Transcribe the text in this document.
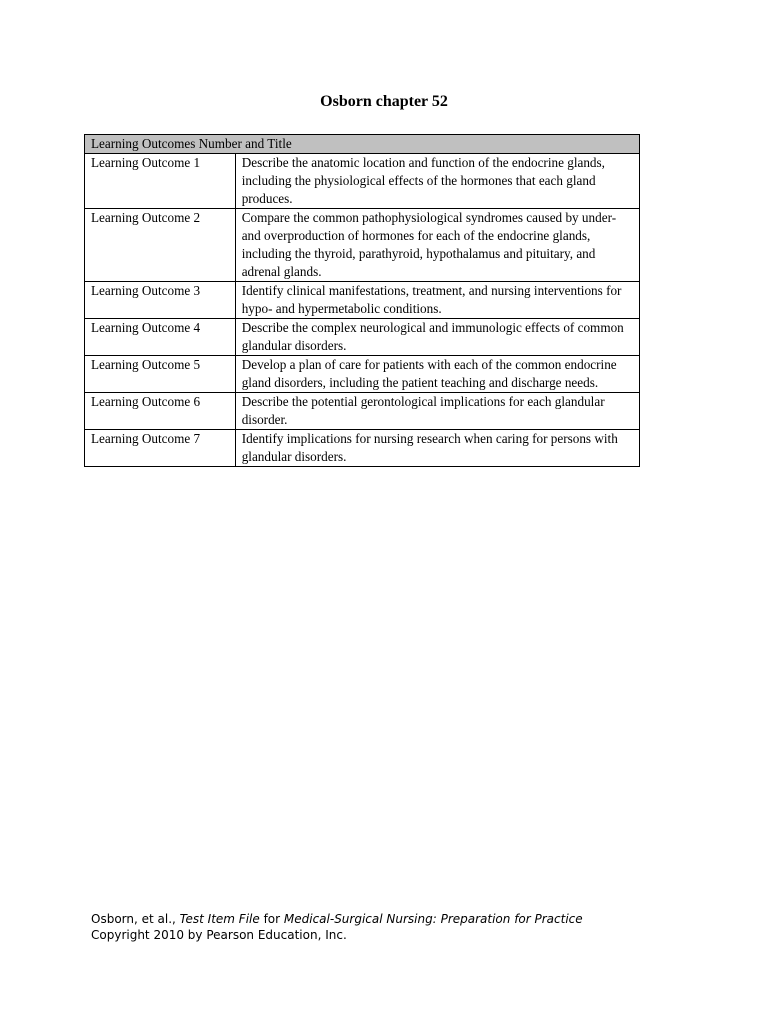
Osborn chapter 52
Learning Outcomes Number and Title	
Learning Outcome 1	Describe the anatomic location and function of the endocrine glands, including the physiological effects of the hormones that each gland produces.
Learning Outcome 2	Compare the common pathophysiological syndromes caused by under- and overproduction of hormones for each of the endocrine glands, including the thyroid, parathyroid, hypothalamus and pituitary, and adrenal glands.
Learning Outcome 3	Identify clinical manifestations, treatment, and nursing interventions for hypo- and hypermetabolic conditions.
Learning Outcome 4	Describe the complex neurological and immunologic effects of common glandular disorders.
Learning Outcome 5	Develop a plan of care for patients with each of the common endocrine gland disorders, including the patient teaching and discharge needs.
Learning Outcome 6	Describe the potential gerontological implications for each glandular disorder.
Learning Outcome 7	Identify implications for nursing research when caring for persons with glandular disorders.
Osborn, et al., Test Item File for Medical-Surgical Nursing: Preparation for Practice
Copyright 2010 by Pearson Education, Inc.
